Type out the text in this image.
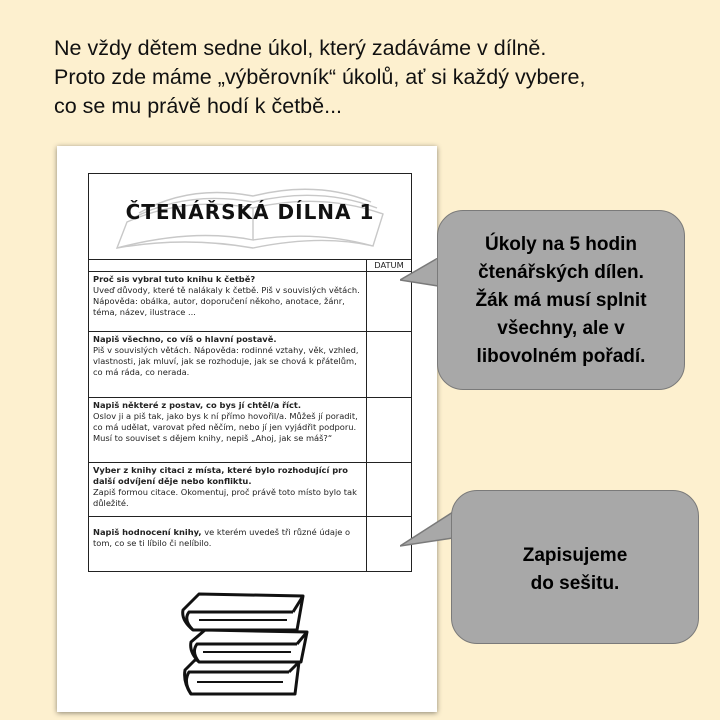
Ne vždy dětem sedne úkol, který zadáváme v dílně.
Proto zde máme „výběrovník“ úkolů, ať si každý vybere,
co se mu právě hodí k četbě...
ČTENÁŘSKÁ DÍLNA 1
	DATUM

Proč sis vybral tuto knihu k četbě?
Uveď důvody, které tě nalákaly k četbě. Piš v souvislých větách. Nápověda: obálka, autor, doporučení někoho, anotace, žánr, téma, název, ilustrace ...	

Napiš všechno, co víš o hlavní postavě.
Piš v souvislých větách. Nápověda: rodinné vztahy, věk, vzhled, vlastnosti, jak mluví, jak se rozhoduje, jak se chová k přátelům, co má ráda, co nerada.	

Napiš některé z postav, co bys jí chtěl/a říct.
Oslov ji a piš tak, jako bys k ní přímo hovořil/a. Můžeš jí poradit, co má udělat, varovat před něčím, nebo jí jen vyjádřit podporu. Musí to souviset s dějem knihy, nepiš „Ahoj, jak se máš?“	

Vyber z knihy citaci z místa, které bylo rozhodující pro další odvíjení děje nebo konfliktu.
Zapiš formou citace. Okomentuj, proč právě toto místo bylo tak důležité.	
Napiš hodnocení knihy, ve kterém uvedeš tři různé údaje o tom, co se ti líbilo či nelíbilo.	
Úkoly na 5 hodin
čtenářských dílen.
Žák má musí splnit
všechny, ale v
libovolném pořadí.
Zapisujeme
do sešitu.
